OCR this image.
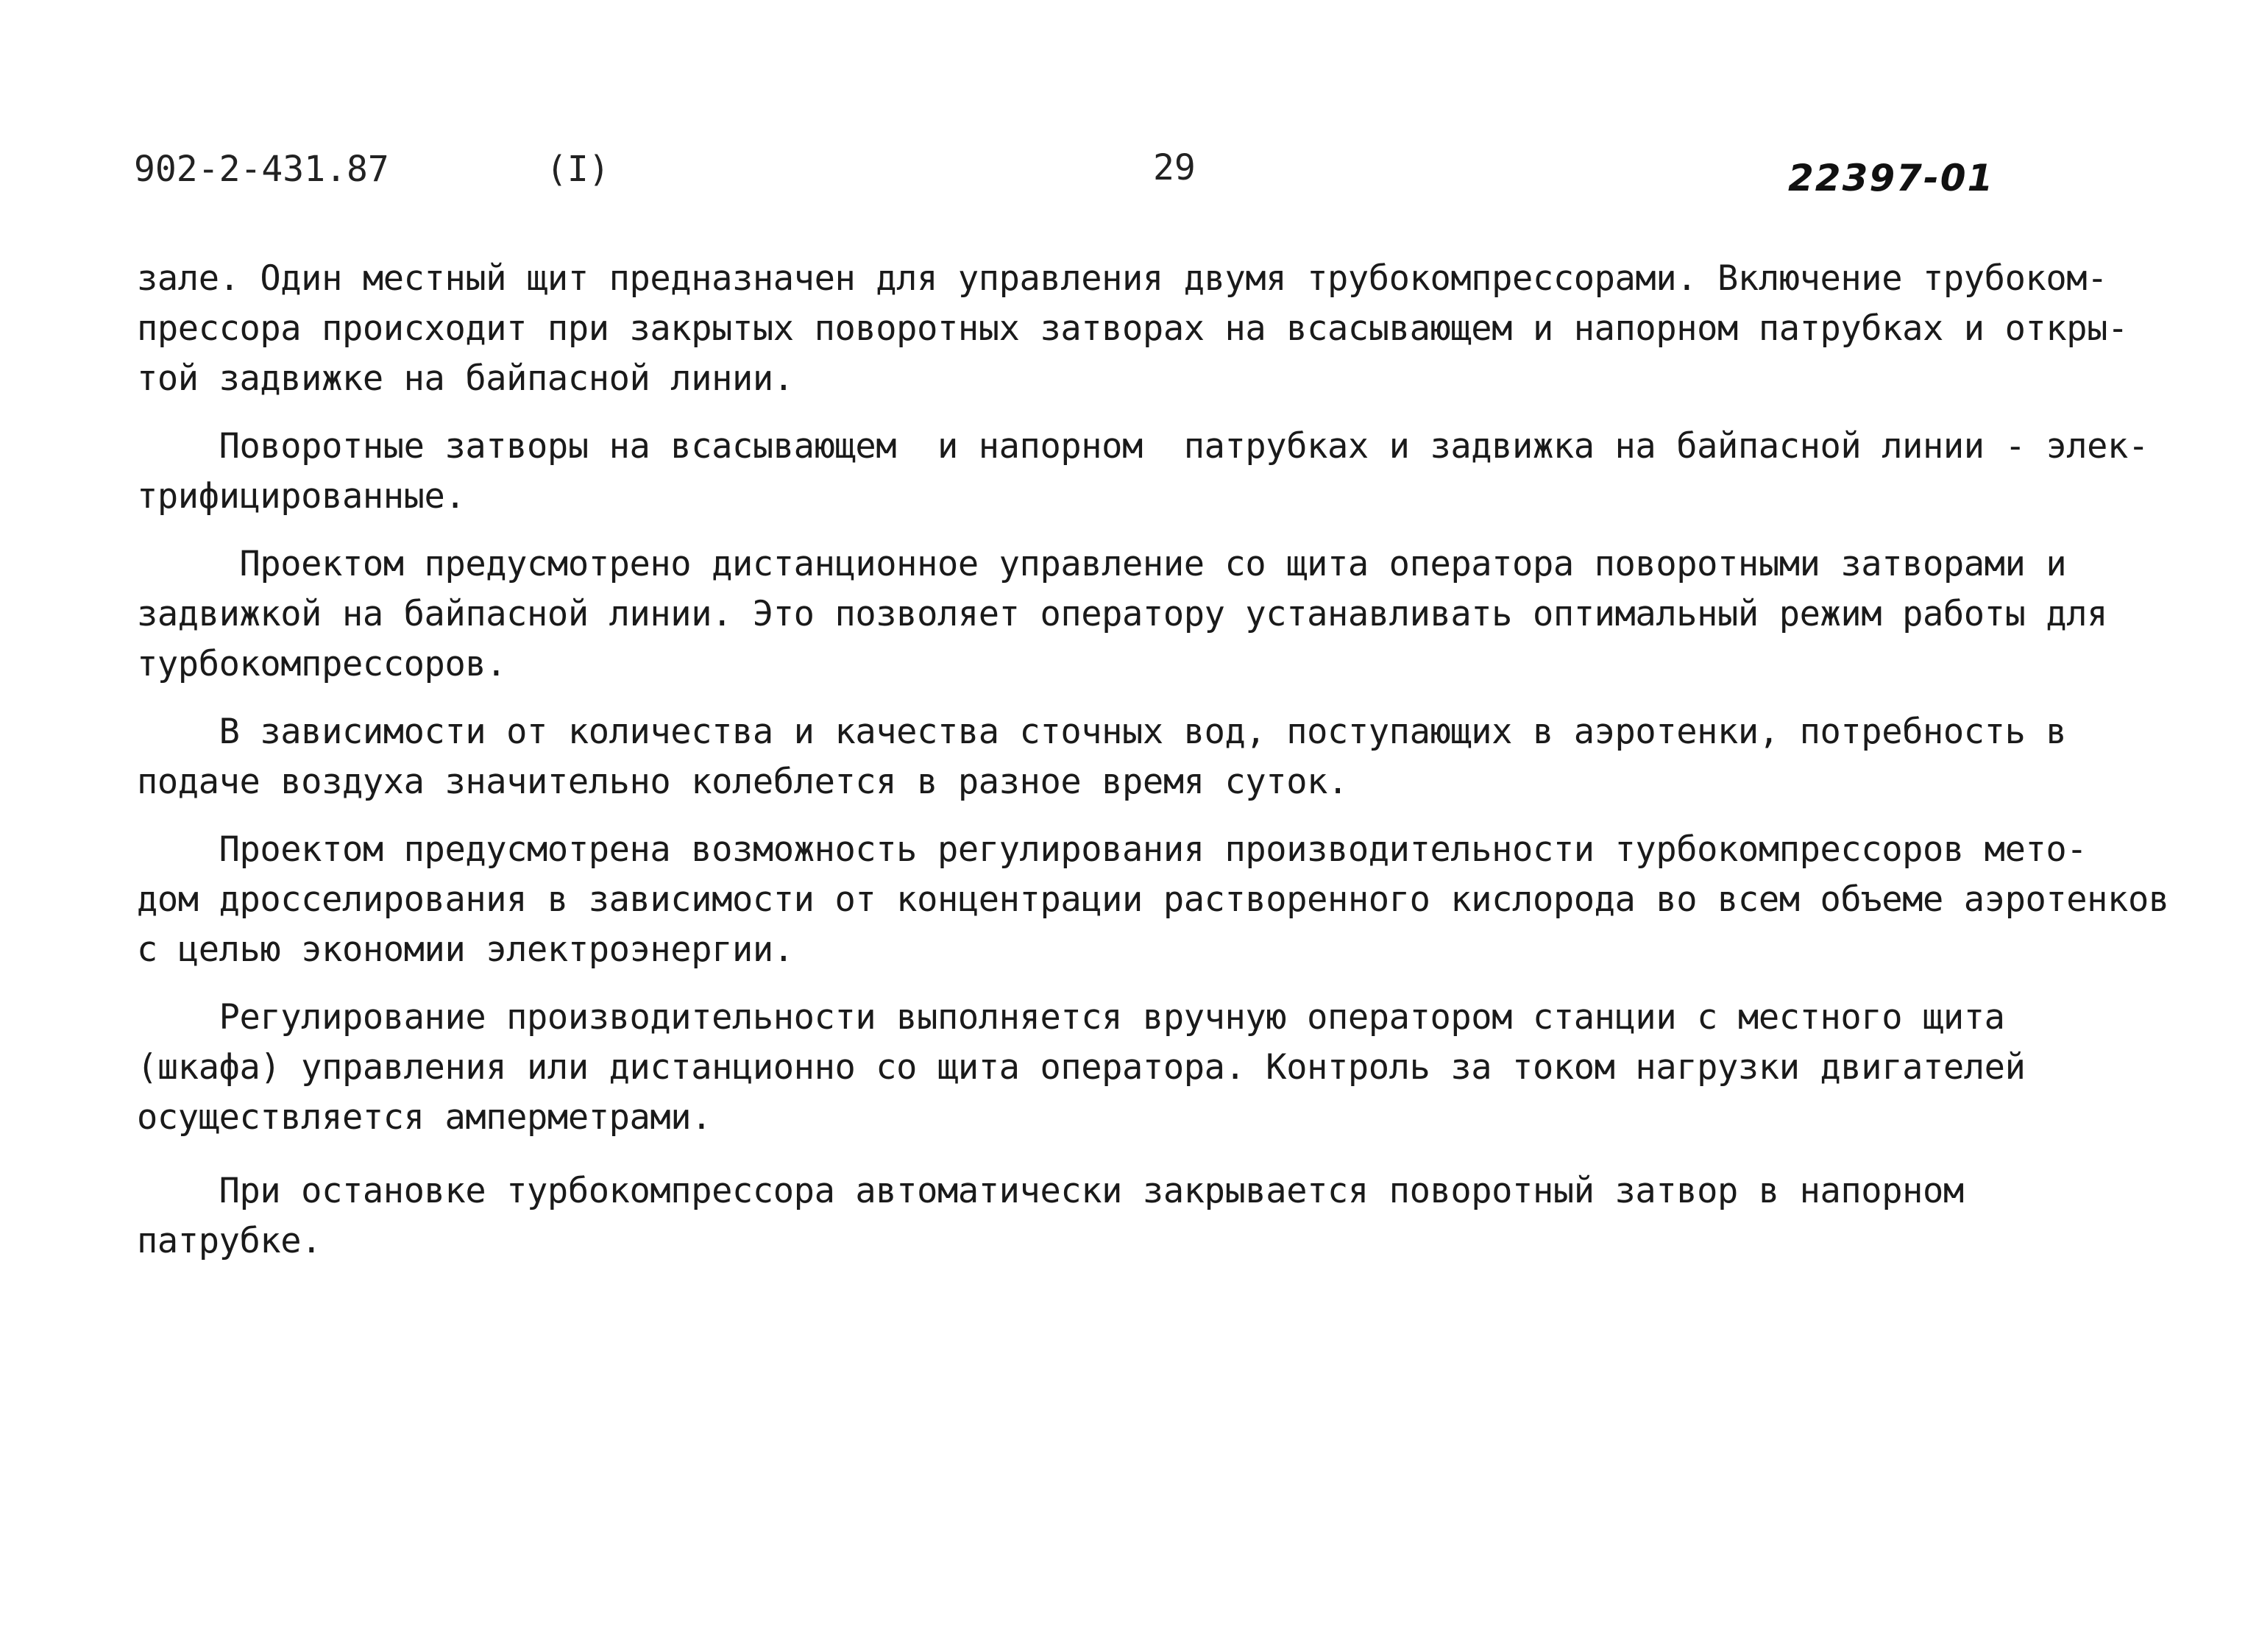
902-2-431.87	(I)	29	22397-01

зале. Один местный щит предназначен для управления двумя трубокомпрессорами. Включение трубоком-
прессора происходит при закрытых поворотных затворах на всасывающем и напорном патрубках и откры-
той задвижке на байпасной линии.

Поворотные затворы на всасывающем  и напорном  патрубках и задвижка на байпасной линии - элек-
трифицированные.

Проектом предусмотрено дистанционное управление со щита оператора поворотными затворами и
задвижкой на байпасной линии. Это позволяет оператору устанавливать оптимальный режим работы для
турбокомпрессоров.

В зависимости от количества и качества сточных вод, поступающих в аэротенки, потребность в
подаче воздуха значительно колеблется в разное время суток.

Проектом предусмотрена возможность регулирования производительности турбокомпрессоров мето-
дом дросселирования в зависимости от концентрации растворенного кислорода во всем объеме аэротенков
с целью экономии электроэнергии.

Регулирование производительности выполняется вручную оператором станции с местного щита
(шкафа) управления или дистанционно со щита оператора. Контроль за током нагрузки двигателей
осуществляется амперметрами.

При остановке турбокомпрессора автоматически закрывается поворотный затвор в напорном
патрубке.
